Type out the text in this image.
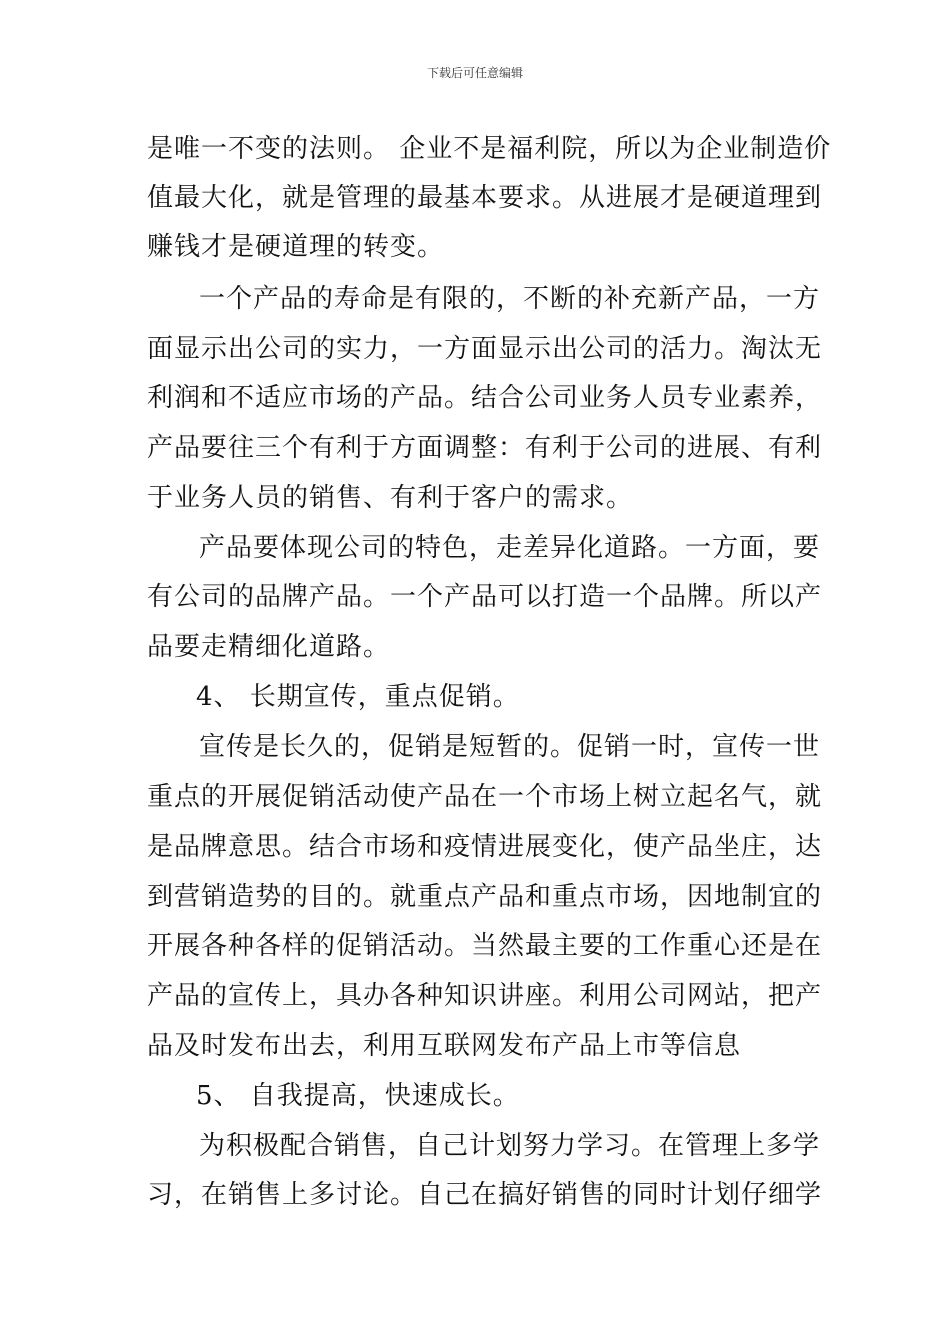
下载后可任意编辑
是唯一不变的法则。 企业不是福利院，所以为企业制造价
值最大化，就是管理的最基本要求。从进展才是硬道理到
赚钱才是硬道理的转变。
一个产品的寿命是有限的，不断的补充新产品，一方
面显示出公司的实力，一方面显示出公司的活力。淘汰无
利润和不适应市场的产品。结合公司业务人员专业素养，
产品要往三个有利于方面调整：有利于公司的进展、有利
于业务人员的销售、有利于客户的需求。
产品要体现公司的特色，走差异化道路。一方面，要
有公司的品牌产品。一个产品可以打造一个品牌。所以产
品要走精细化道路。
4、 长期宣传，重点促销。
宣传是长久的，促销是短暂的。促销一时，宣传一世
重点的开展促销活动使产品在一个市场上树立起名气，就
是品牌意思。结合市场和疫情进展变化，使产品坐庄，达
到营销造势的目的。就重点产品和重点市场，因地制宜的
开展各种各样的促销活动。当然最主要的工作重心还是在
产品的宣传上，具办各种知识讲座。利用公司网站，把产
品及时发布出去，利用互联网发布产品上市等信息
5、 自我提高，快速成长。
为积极配合销售，自己计划努力学习。在管理上多学
习，在销售上多讨论。自己在搞好销售的同时计划仔细学
